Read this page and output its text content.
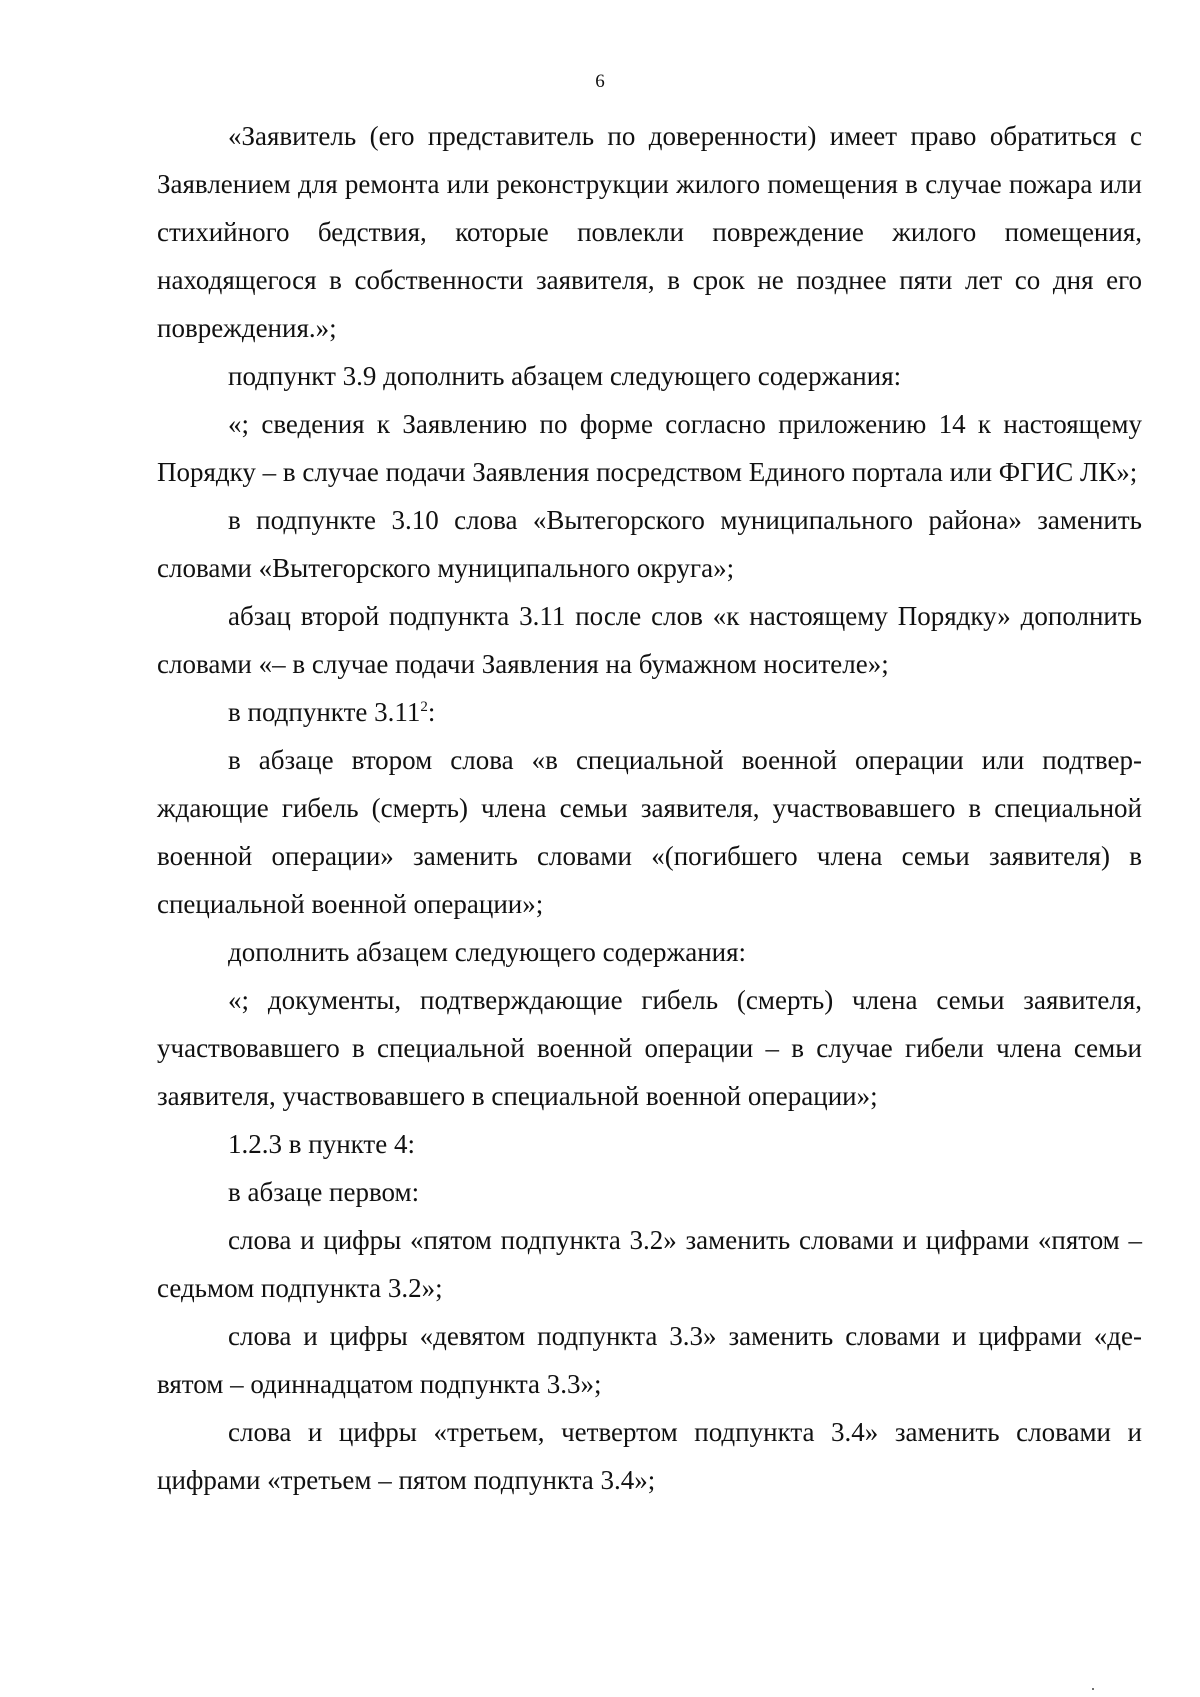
6

«Заявитель (его представитель по доверенности) имеет право обратиться с Заявлением для ремонта или реконструкции жилого помещения в случае пожара или стихийного бедствия, которые повлекли повреждение жилого помещения, находящегося в собственности заявителя, в срок не позднее пяти лет со дня его повреждения.»;

подпункт 3.9 дополнить абзацем следующего содержания:

«; сведения к Заявлению по форме согласно приложению 14 к настоящему Порядку – в случае подачи Заявления посредством Единого портала или ФГИС ЛК»;

в подпункте 3.10 слова «Вытегорского муниципального района» заменить словами «Вытегорского муниципального округа»;

абзац второй подпункта 3.11 после слов «к настоящему Порядку» дополнить словами «– в случае подачи Заявления на бумажном носителе»;

в подпункте 3.11$^2$:

в абзаце втором слова «в специальной военной операции или подтверждающие гибель (смерть) члена семьи заявителя, участвовавшего в специальной военной операции» заменить словами «(погибшего члена семьи заявителя) в специальной военной операции»;

дополнить абзацем следующего содержания:

«; документы, подтверждающие гибель (смерть) члена семьи заявителя, участвовавшего в специальной военной операции – в случае гибели члена семьи заявителя, участвовавшего в специальной военной операции»;

1.2.3 в пункте 4:

в абзаце первом:

слова и цифры «пятом подпункта 3.2» заменить словами и цифрами «пятом – седьмом подпункта 3.2»;

слова и цифры «девятом подпункта 3.3» заменить словами и цифрами «девятом – одиннадцатом подпункта 3.3»;

слова и цифры «третьем, четвертом подпункта 3.4» заменить словами и цифрами «третьем – пятом подпункта 3.4»;
